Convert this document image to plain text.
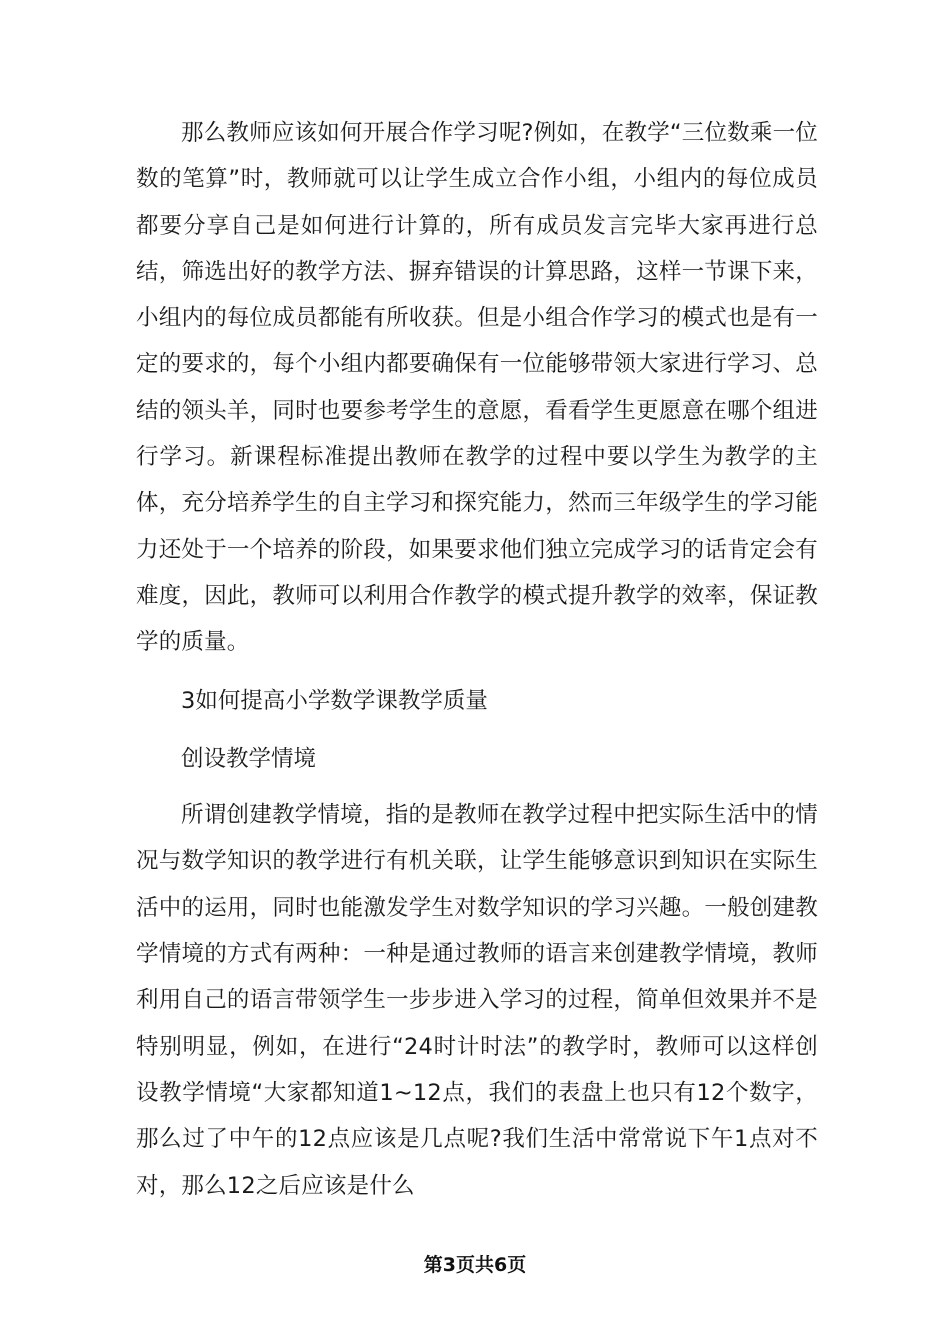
那么教师应该如何开展合作学习呢?例如，在教学“三位数乘一位数的笔算”时，教师就可以让学生成立合作小组，小组内的每位成员都要分享自己是如何进行计算的，所有成员发言完毕大家再进行总结，筛选出好的教学方法、摒弃错误的计算思路，这样一节课下来，小组内的每位成员都能有所收获。但是小组合作学习的模式也是有一定的要求的，每个小组内都要确保有一位能够带领大家进行学习、总结的领头羊，同时也要参考学生的意愿，看看学生更愿意在哪个组进行学习。新课程标准提出教师在教学的过程中要以学生为教学的主体，充分培养学生的自主学习和探究能力，然而三年级学生的学习能力还处于一个培养的阶段，如果要求他们独立完成学习的话肯定会有难度，因此，教师可以利用合作教学的模式提升教学的效率，保证教学的质量。

3如何提高小学数学课教学质量

创设教学情境

所谓创建教学情境，指的是教师在教学过程中把实际生活中的情况与数学知识的教学进行有机关联，让学生能够意识到知识在实际生活中的运用，同时也能激发学生对数学知识的学习兴趣。一般创建教学情境的方式有两种：一种是通过教师的语言来创建教学情境，教师利用自己的语言带领学生一步步进入学习的过程，简单但效果并不是特别明显，例如，在进行“24时计时法”的教学时，教师可以这样创设教学情境“大家都知道1~12点，我们的表盘上也只有12个数字，那么过了中午的12点应该是几点呢?我们生活中常常说下午1点对不对，那么12之后应该是什么

第3页共6页
